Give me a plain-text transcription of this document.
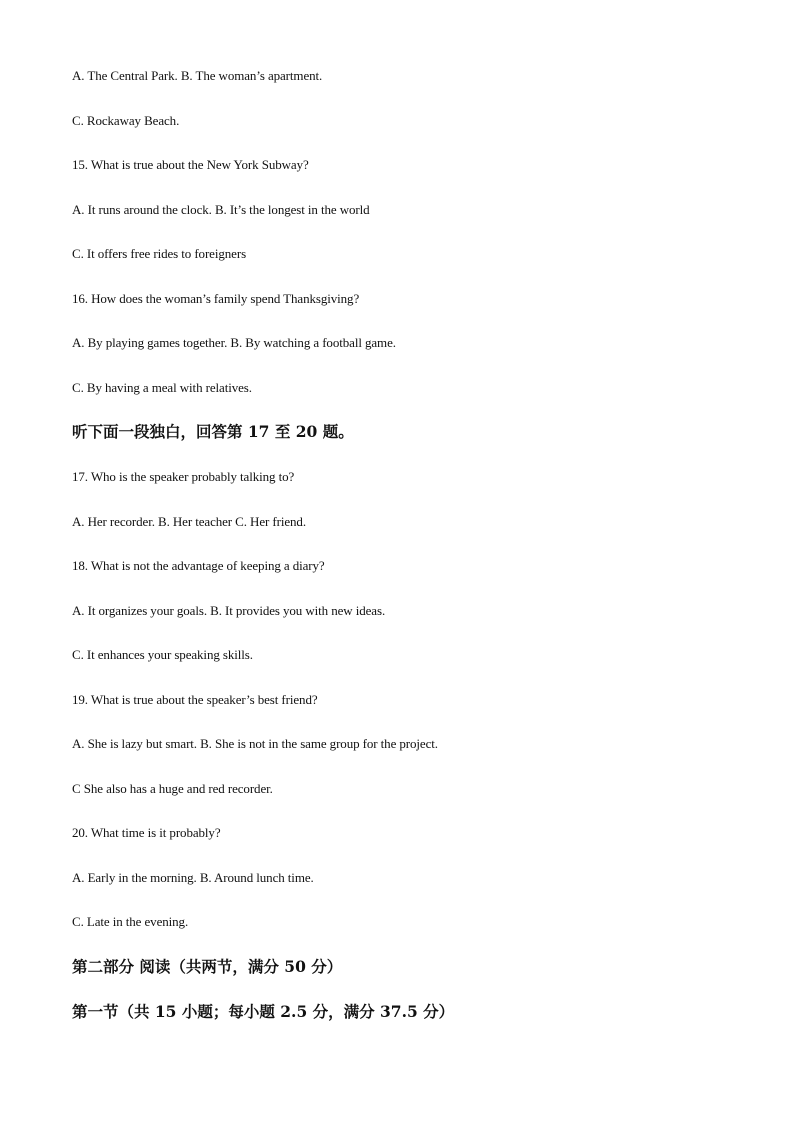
A. The Central Park. B. The woman’s apartment.
C. Rockaway Beach.
15. What is true about the New York Subway?
A. It runs around the clock. B. It’s the longest in the world
C. It offers free rides to foreigners
16. How does the woman’s family spend Thanksgiving?
A. By playing games together. B. By watching a football game.
C. By having a meal with relatives.
听下面一段独白，回答第 17 至 20 题。
17. Who is the speaker probably talking to?
A. Her recorder. B. Her teacher C. Her friend.
18. What is not the advantage of keeping a diary?
A. It organizes your goals. B. It provides you with new ideas.
C. It enhances your speaking skills.
19. What is true about the speaker’s best friend?
A. She is lazy but smart. B. She is not in the same group for the project.
C She also has a huge and red recorder.
20. What time is it probably?
A. Early in the morning. B. Around lunch time.
C. Late in the evening.
第二部分 阅读（共两节，满分 50 分）
第一节（共 15 小题；每小题 2.5 分，满分 37.5 分）
